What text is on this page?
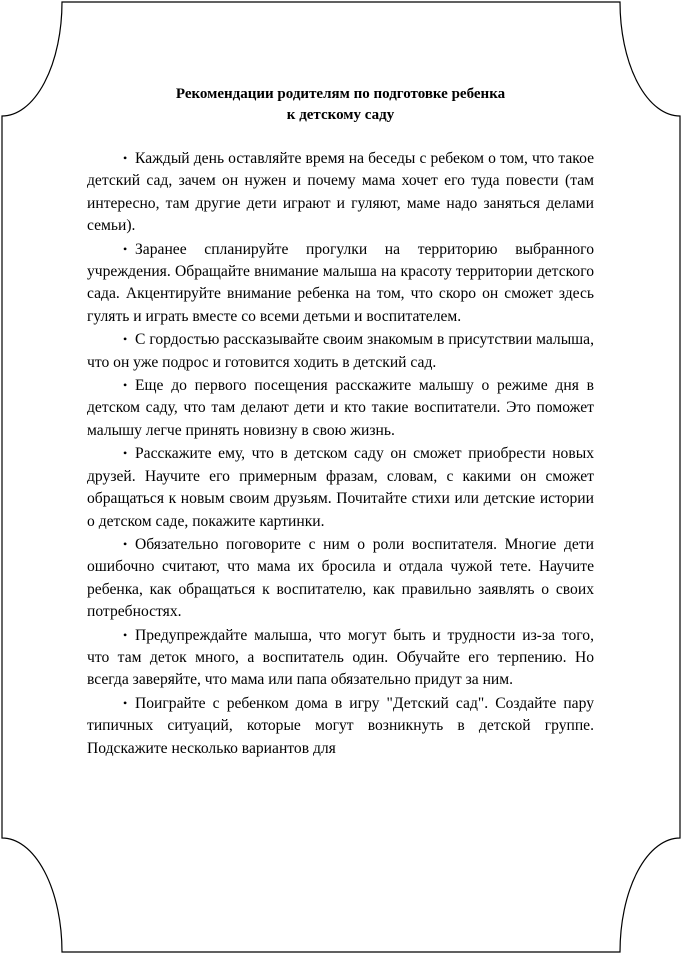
Рекомендации родителям по подготовке ребенка
к детскому саду

• Каждый день оставляйте время на беседы с ребеком о том, что такое детский сад, зачем он нужен и почему мама хочет его туда повести (там интересно, там другие дети играют и гуляют, маме надо заняться делами семьи).

• Заранее спланируйте прогулки на территорию выбранного учреждения. Обращайте внимание малыша на красоту территории детского сада. Акцентируйте внимание ребенка на том, что скоро он сможет здесь гулять и играть вместе со всеми детьми и воспитателем.

• С гордостью рассказывайте своим знакомым в присутствии малыша, что он уже подрос и готовится ходить в детский сад.

• Еще до первого посещения расскажите малышу о режиме дня в детском саду, что там делают дети и кто такие воспитатели. Это поможет малышу легче принять новизну в свою жизнь.

• Расскажите ему, что в детском саду он сможет приобрести новых друзей. Научите его примерным фразам, словам, с какими он сможет обращаться к новым своим друзьям. Почитайте стихи или детские истории о детском саде, покажите картинки.

• Обязательно поговорите с ним о роли воспитателя. Многие дети ошибочно считают, что мама их бросила и отдала чужой тете. Научите ребенка, как обращаться к воспитателю, как правильно заявлять о своих потребностях.

• Предупреждайте малыша, что могут быть и трудности из-за того, что там деток много, а воспитатель один. Обучайте его терпению. Но всегда заверяйте, что мама или папа обязательно придут за ним.

• Поиграйте с ребенком дома в игру "Детский сад". Создайте пару типичных ситуаций, которые могут возникнуть в детской группе. Подскажите несколько вариантов для
